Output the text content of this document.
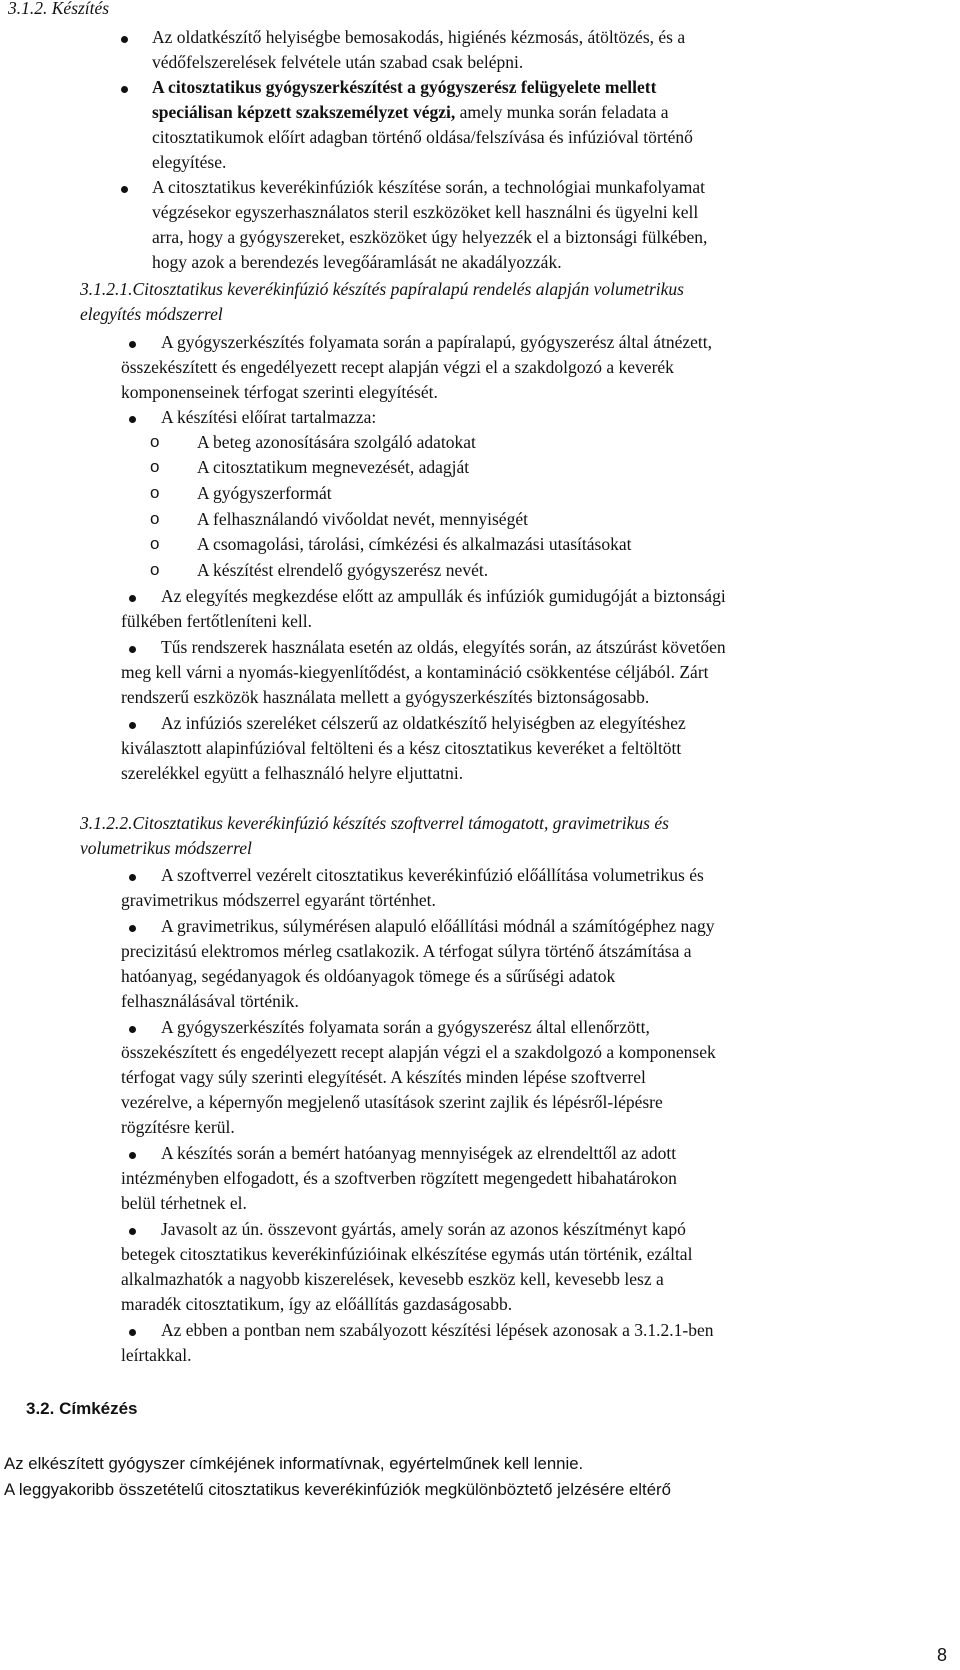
3.1.2. Készítés
Az oldatkészítő helyiségbe bemosakodás, higiénés kézmosás, átöltözés, és a
védőfelszerelések felvétele után szabad csak belépni.
A citosztatikus gyógyszerkészítést a gyógyszerész felügyelete mellett
speciálisan képzett szakszemélyzet végzi, amely munka során feladata a
citosztatikumok előírt adagban történő oldása/felszívása és infúzióval történő
elegyítése.
A citosztatikus keverékinfúziók készítése során, a technológiai munkafolyamat
végzésekor egyszerhasználatos steril eszközöket kell használni és ügyelni kell
arra, hogy a gyógyszereket, eszközöket úgy helyezzék el a biztonsági fülkében,
hogy azok a berendezés levegőáramlását ne akadályozzák.
3.1.2.1.Citosztatikus keverékinfúzió készítés papíralapú rendelés alapján volumetrikus
elegyítés módszerrel
A gyógyszerkészítés folyamata során a papíralapú, gyógyszerész által átnézett,
összekészített és engedélyezett recept alapján végzi el a szakdolgozó a keverék
komponenseinek térfogat szerinti elegyítését.
A készítési előírat tartalmazza:
o A beteg azonosítására szolgáló adatokat
o A citosztatikum megnevezését, adagját
o A gyógyszerformát
o A felhasználandó vivőoldat nevét, mennyiségét
o A csomagolási, tárolási, címkézési és alkalmazási utasításokat
o A készítést elrendelő gyógyszerész nevét.
Az elegyítés megkezdése előtt az ampullák és infúziók gumidugóját a biztonsági
fülkében fertőtleníteni kell.
Tűs rendszerek használata esetén az oldás, elegyítés során, az átszúrást követően
meg kell várni a nyomás-kiegyenlítődést, a kontamináció csökkentése céljából. Zárt
rendszerű eszközök használata mellett a gyógyszerkészítés biztonságosabb.
Az infúziós szereléket célszerű az oldatkészítő helyiségben az elegyítéshez
kiválasztott alapinfúzióval feltölteni és a kész citosztatikus keveréket a feltöltött
szerelékkel együtt a felhasználó helyre eljuttatni.
3.1.2.2.Citosztatikus keverékinfúzió készítés szoftverrel támogatott, gravimetrikus és
volumetrikus módszerrel
A szoftverrel vezérelt citosztatikus keverékinfúzió előállítása volumetrikus és
gravimetrikus módszerrel egyaránt történhet.
A gravimetrikus, súlymérésen alapuló előállítási módnál a számítógéphez nagy
precizitású elektromos mérleg csatlakozik. A térfogat súlyra történő átszámítása a
hatóanyag, segédanyagok és oldóanyagok tömege és a sűrűségi adatok
felhasználásával történik.
A gyógyszerkészítés folyamata során a gyógyszerész által ellenőrzött,
összekészített és engedélyezett recept alapján végzi el a szakdolgozó a komponensek
térfogat vagy súly szerinti elegyítését. A készítés minden lépése szoftverrel
vezérelve, a képernyőn megjelenő utasítások szerint zajlik és lépésről-lépésre
rögzítésre kerül.
A készítés során a bemért hatóanyag mennyiségek az elrendelttől az adott
intézményben elfogadott, és a szoftverben rögzített megengedett hibahatárokon
belül térhetnek el.
Javasolt az ún. összevont gyártás, amely során az azonos készítményt kapó
betegek citosztatikus keverékinfúzióinak elkészítése egymás után történik, ezáltal
alkalmazhatók a nagyobb kiszerelések, kevesebb eszköz kell, kevesebb lesz a
maradék citosztatikum, így az előállítás gazdaságosabb.
Az ebben a pontban nem szabályozott készítési lépések azonosak a 3.1.2.1-ben
leírtakkal.
3.2. Címkézés
Az elkészített gyógyszer címkéjének informatívnak, egyértelműnek kell lennie.
A leggyakoribb összetételű citosztatikus keverékinfúziók megkülönböztető jelzésére eltérő
8
